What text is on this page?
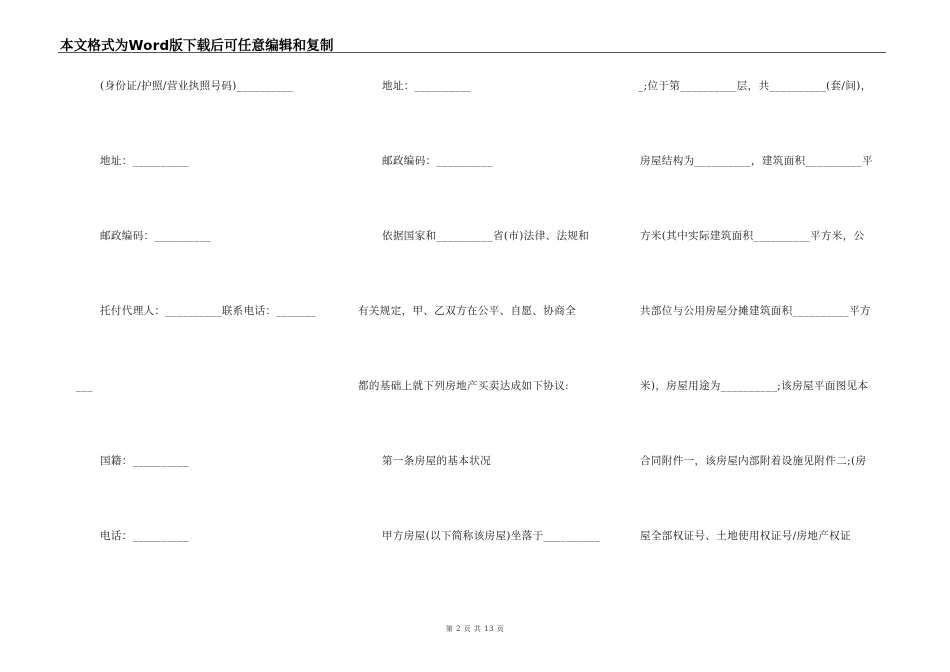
本文格式为Word版下载后可任意编辑和复制
(身份证/护照/营业执照号码)__________
地址：__________
邮政编码：__________
托付代理人：__________联系电话：_______
___
国籍：__________
电话：__________
地址：__________
邮政编码：__________
依据国家和__________省(市)法律、法规和
有关规定，甲、乙双方在公平、自愿、协商全
都的基础上就下列房地产买卖达成如下协议:
第一条房屋的基本状况
甲方房屋(以下简称该房屋)坐落于__________
_;位于第__________层，共__________(套/间)，
房屋结构为__________，建筑面积__________平
方米(其中实际建筑面积__________平方米，公
共部位与公用房屋分摊建筑面积__________平方
米)，房屋用途为__________;该房屋平面图见本
合同附件一，该房屋内部附着设施见附件二;(房
屋全部权证号、土地使用权证号/房地产权证
第 2 页 共 13 页
